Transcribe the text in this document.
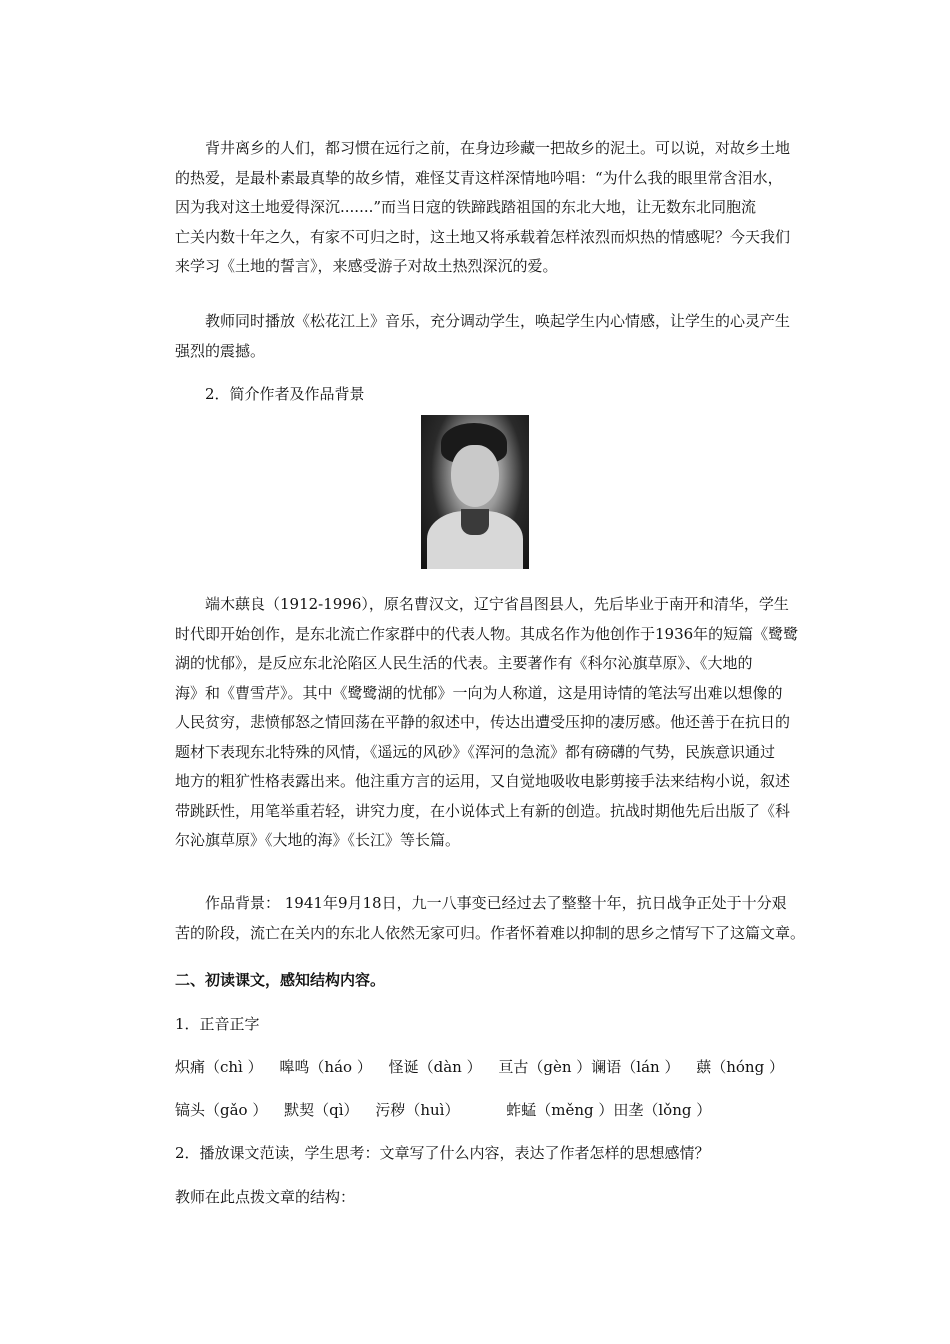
背井离乡的人们，都习惯在远行之前，在身边珍藏一把故乡的泥土。可以说，对故乡土地
的热爱，是最朴素最真挚的故乡情，难怪艾青这样深情地吟唱：“为什么我的眼里常含泪水，
因为我对这土地爱得深沉.......”而当日寇的铁蹄践踏祖国的东北大地，让无数东北同胞流
亡关内数十年之久，有家不可归之时，这土地又将承载着怎样浓烈而炽热的情感呢？今天我们
来学习《土地的誓言》，来感受游子对故土热烈深沉的爱。
教师同时播放《松花江上》音乐，充分调动学生，唤起学生内心情感，让学生的心灵产生
强烈的震撼。
2．简介作者及作品背景
端木蕻良（1912-1996），原名曹汉文，辽宁省昌图县人，先后毕业于南开和清华，学生
时代即开始创作，是东北流亡作家群中的代表人物。其成名作为他创作于1936年的短篇《鹭鹭
湖的忧郁》，是反应东北沦陷区人民生活的代表。主要著作有《科尔沁旗草原》、《大地的
海》和《曹雪芹》。其中《鹭鹭湖的忧郁》一向为人称道，这是用诗情的笔法写出难以想像的
人民贫穷，悲愤郁怒之情回荡在平静的叙述中，传达出遭受压抑的凄厉感。他还善于在抗日的
题材下表现东北特殊的风情，《遥远的风砂》《浑河的急流》都有磅礴的气势，民族意识通过
地方的粗犷性格表露出来。他注重方言的运用，又自觉地吸收电影剪接手法来结构小说，叙述
带跳跃性，用笔举重若轻，讲究力度，在小说体式上有新的创造。抗战时期他先后出版了《科
尔沁旗草原》《大地的海》《长江》等长篇。
作品背景： 1941年9月18日，九一八事变已经过去了整整十年，抗日战争正处于十分艰
苦的阶段，流亡在关内的东北人依然无家可归。作者怀着难以抑制的思乡之情写下了这篇文章。
二、初读课文，感知结构内容。
1．正音正字
炽痛（chì ） 嗥鸣（háo ） 怪诞（dàn ） 亘古（gèn ）谰语（lán ） 蕻（hóng ）
镐头（gǎo ） 默契（qì） 污秽（huì） 　　蚱蜢（měng ）田垄（lǒng ）
2．播放课文范读，学生思考：文章写了什么内容，表达了作者怎样的思想感情？
教师在此点拨文章的结构：
